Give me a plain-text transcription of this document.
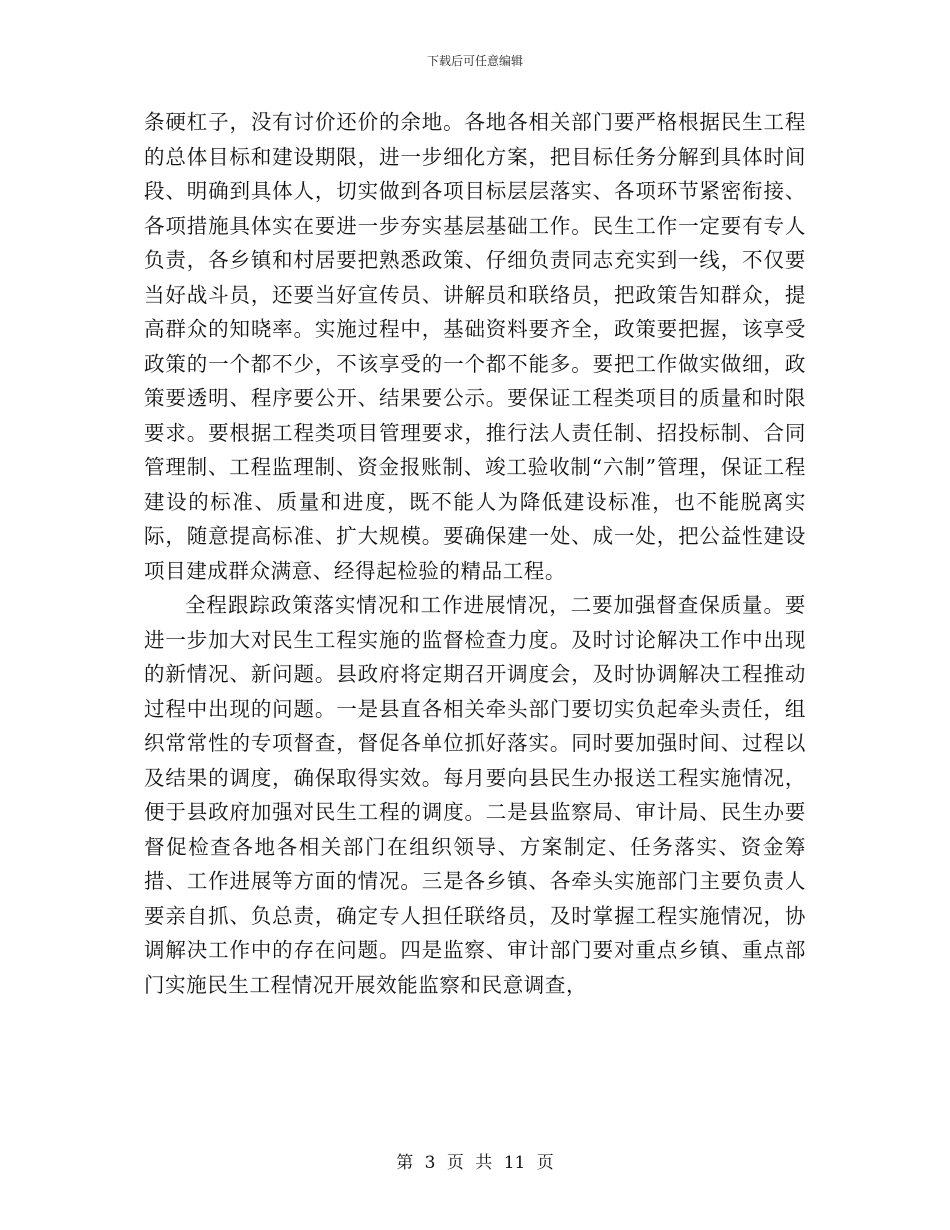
下载后可任意编辑

条硬杠子，没有讨价还价的余地。各地各相关部门要严格根据民生工程的总体目标和建设期限，进一步细化方案，把目标任务分解到具体时间段、明确到具体人，切实做到各项目标层层落实、各项环节紧密衔接、各项措施具体实在要进一步夯实基层基础工作。民生工作一定要有专人负责，各乡镇和村居要把熟悉政策、仔细负责同志充实到一线，不仅要当好战斗员，还要当好宣传员、讲解员和联络员，把政策告知群众，提高群众的知晓率。实施过程中，基础资料要齐全，政策要把握，该享受政策的一个都不少，不该享受的一个都不能多。要把工作做实做细，政策要透明、程序要公开、结果要公示。要保证工程类项目的质量和时限要求。要根据工程类项目管理要求，推行法人责任制、招投标制、合同管理制、工程监理制、资金报账制、竣工验收制“六制”管理，保证工程建设的标准、质量和进度，既不能人为降低建设标准，也不能脱离实际，随意提高标准、扩大规模。要确保建一处、成一处，把公益性建设项目建成群众满意、经得起检验的精品工程。

全程跟踪政策落实情况和工作进展情况，二要加强督查保质量。要进一步加大对民生工程实施的监督检查力度。及时讨论解决工作中出现的新情况、新问题。县政府将定期召开调度会，及时协调解决工程推动过程中出现的问题。一是县直各相关牵头部门要切实负起牵头责任，组织常常性的专项督查，督促各单位抓好落实。同时要加强时间、过程以及结果的调度，确保取得实效。每月要向县民生办报送工程实施情况，便于县政府加强对民生工程的调度。二是县监察局、审计局、民生办要督促检查各地各相关部门在组织领导、方案制定、任务落实、资金筹措、工作进展等方面的情况。三是各乡镇、各牵头实施部门主要负责人要亲自抓、负总责，确定专人担任联络员，及时掌握工程实施情况，协调解决工作中的存在问题。四是监察、审计部门要对重点乡镇、重点部门实施民生工程情况开展效能监察和民意调查，

第 3 页 共 11 页
